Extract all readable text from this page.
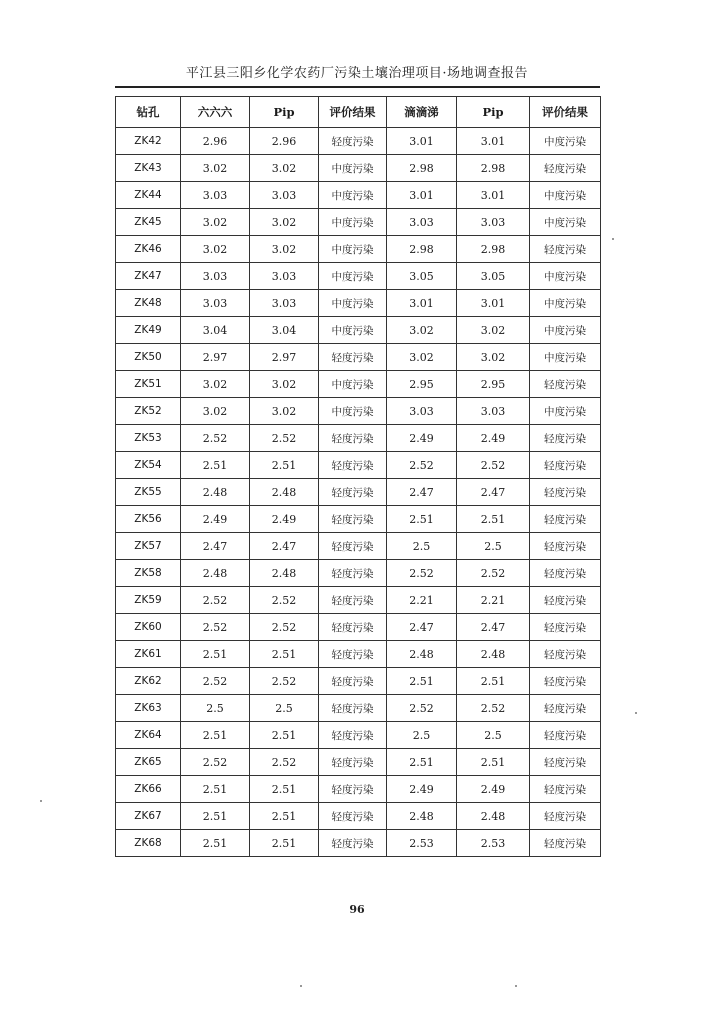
平江县三阳乡化学农药厂污染土壤治理项目·场地调查报告
钻孔	六六六	Pip	评价结果	滴滴涕	Pip	评价结果
ZK42	2.96	2.96	轻度污染	3.01	3.01	中度污染
ZK43	3.02	3.02	中度污染	2.98	2.98	轻度污染
ZK44	3.03	3.03	中度污染	3.01	3.01	中度污染
ZK45	3.02	3.02	中度污染	3.03	3.03	中度污染
ZK46	3.02	3.02	中度污染	2.98	2.98	轻度污染
ZK47	3.03	3.03	中度污染	3.05	3.05	中度污染
ZK48	3.03	3.03	中度污染	3.01	3.01	中度污染
ZK49	3.04	3.04	中度污染	3.02	3.02	中度污染
ZK50	2.97	2.97	轻度污染	3.02	3.02	中度污染
ZK51	3.02	3.02	中度污染	2.95	2.95	轻度污染
ZK52	3.02	3.02	中度污染	3.03	3.03	中度污染
ZK53	2.52	2.52	轻度污染	2.49	2.49	轻度污染
ZK54	2.51	2.51	轻度污染	2.52	2.52	轻度污染
ZK55	2.48	2.48	轻度污染	2.47	2.47	轻度污染
ZK56	2.49	2.49	轻度污染	2.51	2.51	轻度污染
ZK57	2.47	2.47	轻度污染	2.5	2.5	轻度污染
ZK58	2.48	2.48	轻度污染	2.52	2.52	轻度污染
ZK59	2.52	2.52	轻度污染	2.21	2.21	轻度污染
ZK60	2.52	2.52	轻度污染	2.47	2.47	轻度污染
ZK61	2.51	2.51	轻度污染	2.48	2.48	轻度污染
ZK62	2.52	2.52	轻度污染	2.51	2.51	轻度污染
ZK63	2.5	2.5	轻度污染	2.52	2.52	轻度污染
ZK64	2.51	2.51	轻度污染	2.5	2.5	轻度污染
ZK65	2.52	2.52	轻度污染	2.51	2.51	轻度污染
ZK66	2.51	2.51	轻度污染	2.49	2.49	轻度污染
ZK67	2.51	2.51	轻度污染	2.48	2.48	轻度污染
ZK68	2.51	2.51	轻度污染	2.53	2.53	轻度污染
96
